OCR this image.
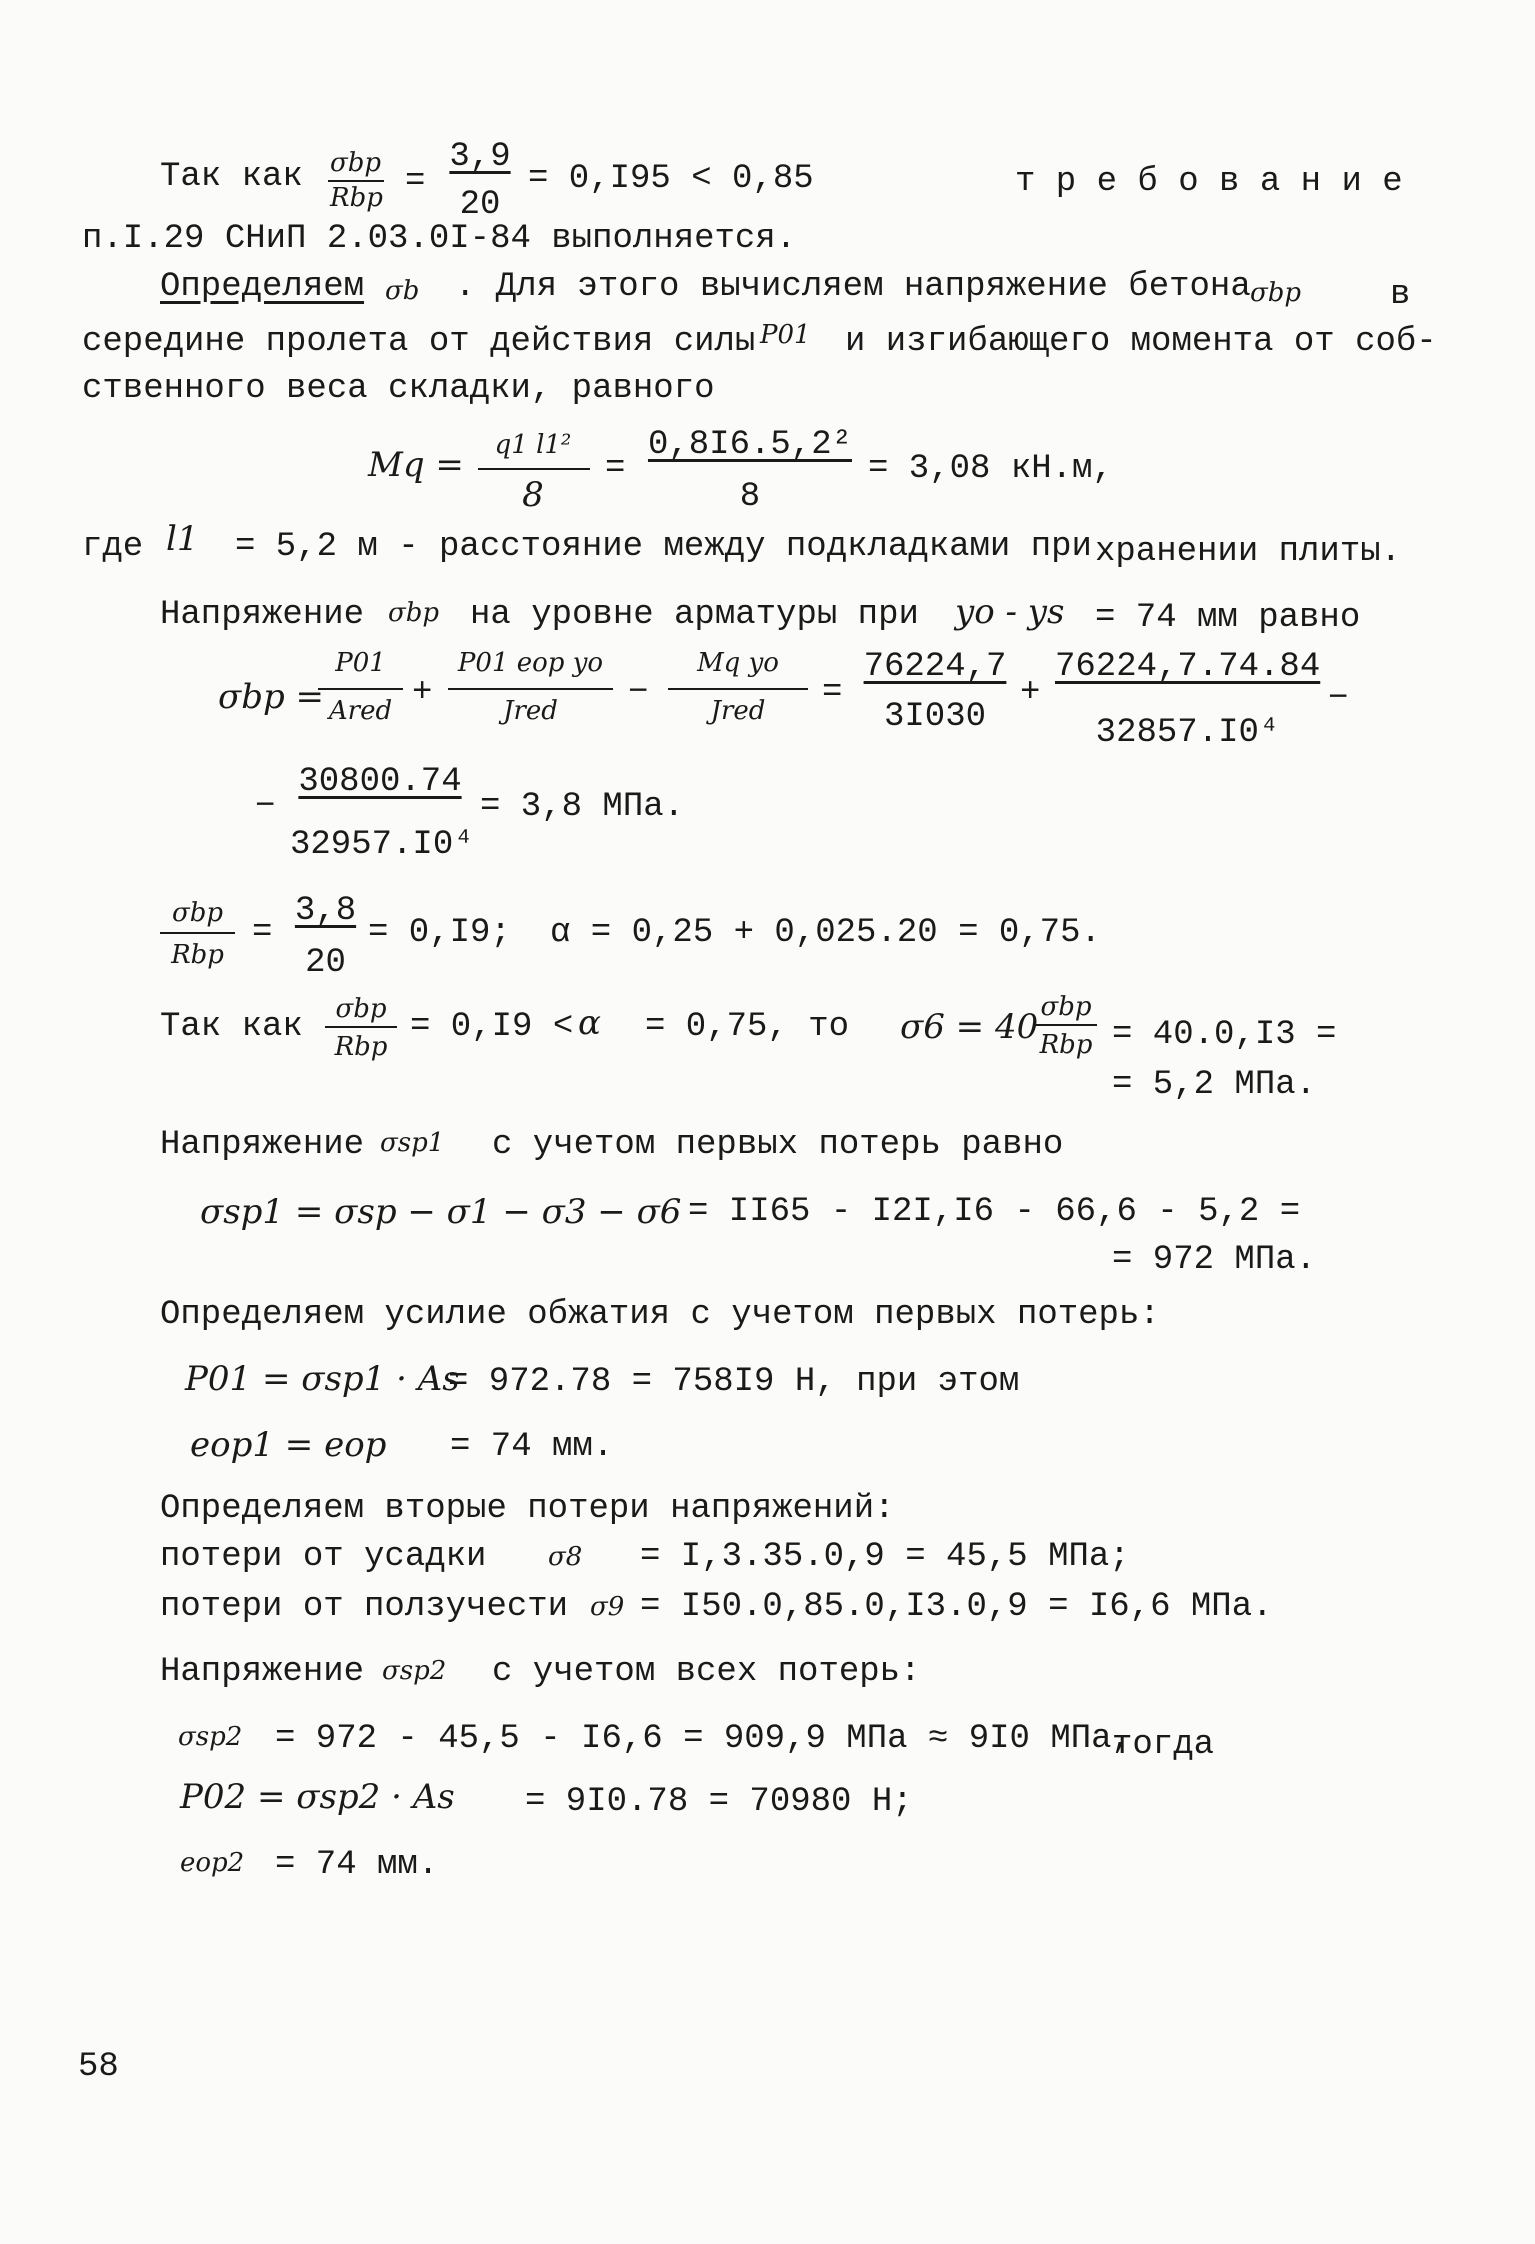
Так как σbp
Rbp =
3,9
20
= 0,I95 < 0,85	т р е б о в а н и е
п.I.29 СНиП 2.03.0I-84 выполняется.
Определяем σb . Для этого вычисляем напряжение бетона σbp	в
середине пролета от действия силы P01 и изгибающего момента от соб-
ственного веса складки, равного
Mq =	q1 l1²
8
=
0,8I6.5,2²
8
= 3,08 кН.м,
где l1 = 5,2 м - расстояние между подкладками при хранении плиты.
Напряжение σbp на уровне арматуры при yo - ys = 74 мм равно
σbp =
P01
Ared +
P01 eop yo
Jred	−
Mq yo
Jred	=
76224,7
3I030
+
76224,7.74.84
32857.I0⁴
−
−
30800.74
32957.I0⁴
= 3,8 МПа.
σbp
Rbp
=
3,8
20
= 0,I9; α = 0,25 + 0,025.20 = 0,75.
Так как	σbp
Rbp
= 0,I9 < α = 0,75, то σ6 = 40 σbp
Rbp = 40.0,I3 =
= 5,2 МПа.
Напряжение σsp1 с учетом первых потерь равно
σsp1 = σsp − σ1 − σ3 − σ6 = II65 - I2I,I6 - 66,6 - 5,2 =
= 972 МПа.
Определяем усилие обжатия с учетом первых потерь:
P01 = σsp1 · As
= 972.78 = 758I9 Н, при этом
eop1 = eop = 74 мм.
Определяем вторые потери напряжений:
потери от усадки σ8 = I,3.35.0,9 = 45,5 МПа;
потери от ползучести σ9 = I50.0,85.0,I3.0,9 = I6,6 МПа.
Напряжение σsp2 с учетом всех потерь:
σsp2 = 972 - 45,5 - I6,6 = 909,9 МПа ≈ 9I0 МПа,
тогда
P02 = σsp2 · As = 9I0.78 = 70980 Н;
eop2 = 74 мм.
58
